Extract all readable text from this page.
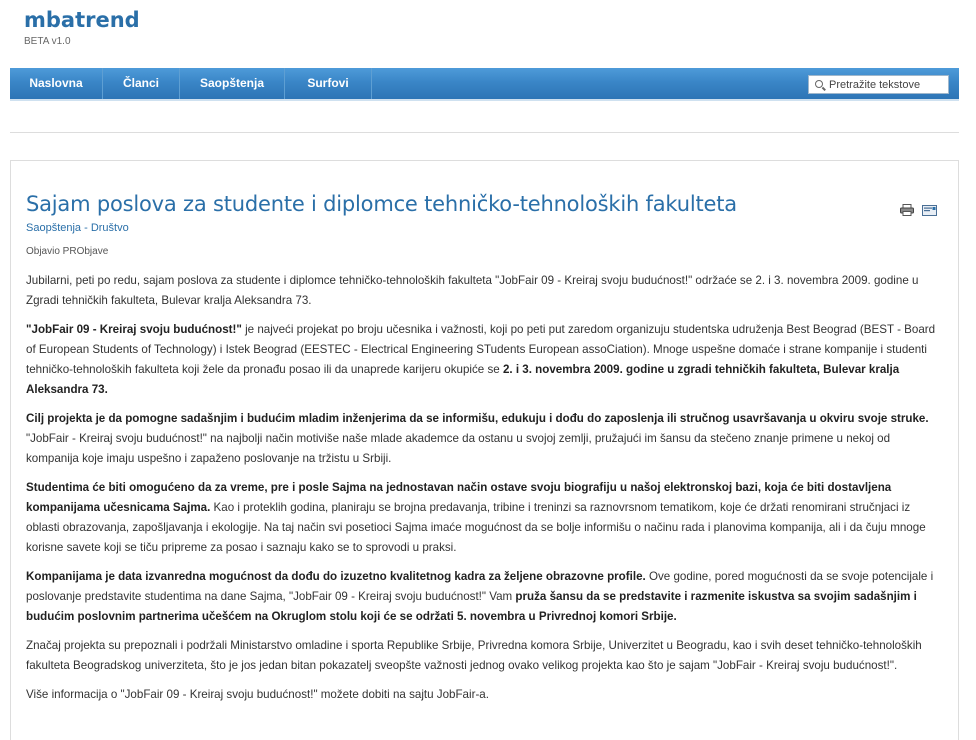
mbatrend
BETA v1.0
Naslovna	Članci	Saopštenja	Surfovi
Pretražite tekstove
Sajam poslova za studente i diplomce tehničko-tehnoloških fakulteta
Saopštenja - Društvo
Objavio PRObjave

Jubilarni, peti po redu, sajam poslova za studente i diplomce tehničko-tehnoloških fakulteta "JobFair 09 - Kreiraj svoju budućnost!" održaće se 2. i 3. novembra 2009. godine u Zgradi tehničkih fakulteta, Bulevar kralja Aleksandra 73.

"JobFair 09 - Kreiraj svoju budućnost!" je najveći projekat po broju učesnika i važnosti, koji po peti put zaredom organizuju studentska udruženja Best Beograd (BEST - Board of European Students of Technology) i Istek Beograd (EESTEC - Electrical Engineering STudents European assoCiation). Mnoge uspešne domaće i strane kompanije i studenti tehničko-tehnoloških fakulteta koji žele da pronađu posao ili da unaprede karijeru okupiće se 2. i 3. novembra 2009. godine u zgradi tehničkih fakulteta, Bulevar kralja Aleksandra 73.

Cilj projekta je da pomogne sadašnjim i budućim mladim inženjerima da se informišu, edukuju i dođu do zaposlenja ili stručnog usavršavanja u okviru svoje struke. "JobFair - Kreiraj svoju budućnost!" na najbolji način motiviše naše mlade akademce da ostanu u svojoj zemlji, pružajući im šansu da stečeno znanje primene u nekoj od kompanija koje imaju uspešno i zapaženo poslovanje na tržistu u Srbiji.

Studentima će biti omogućeno da za vreme, pre i posle Sajma na jednostavan način ostave svoju biografiju u našoj elektronskoj bazi, koja će biti dostavljena kompanijama učesnicama Sajma. Kao i proteklih godina, planiraju se brojna predavanja, tribine i treninzi sa raznovrsnom tematikom, koje će držati renomirani stručnjaci iz oblasti obrazovanja, zapošljavanja i ekologije. Na taj način svi posetioci Sajma imaće mogućnost da se bolje informišu o načinu rada i planovima kompanija, ali i da čuju mnoge korisne savete koji se tiču pripreme za posao i saznaju kako se to sprovodi u praksi.

Kompanijama je data izvanredna mogućnost da dođu do izuzetno kvalitetnog kadra za željene obrazovne profile. Ove godine, pored mogućnosti da se svoje potencijale i poslovanje predstavite studentima na dane Sajma, "JobFair 09 - Kreiraj svoju budućnost!" Vam pruža šansu da se predstavite i razmenite iskustva sa svojim sadašnjim i budućim poslovnim partnerima učešćem na Okruglom stolu koji će se održati 5. novembra u Privrednoj komori Srbije.

Značaj projekta su prepoznali i podržali Ministarstvo omladine i sporta Republike Srbije, Privredna komora Srbije, Univerzitet u Beogradu, kao i svih deset tehničko-tehnoloških fakulteta Beogradskog univerziteta, što je jos jedan bitan pokazatelj sveopšte važnosti jednog ovako velikog projekta kao što je sajam "JobFair - Kreiraj svoju budućnost!".

Više informacija o "JobFair 09 - Kreiraj svoju budućnost!" možete dobiti na sajtu JobFair-a.
